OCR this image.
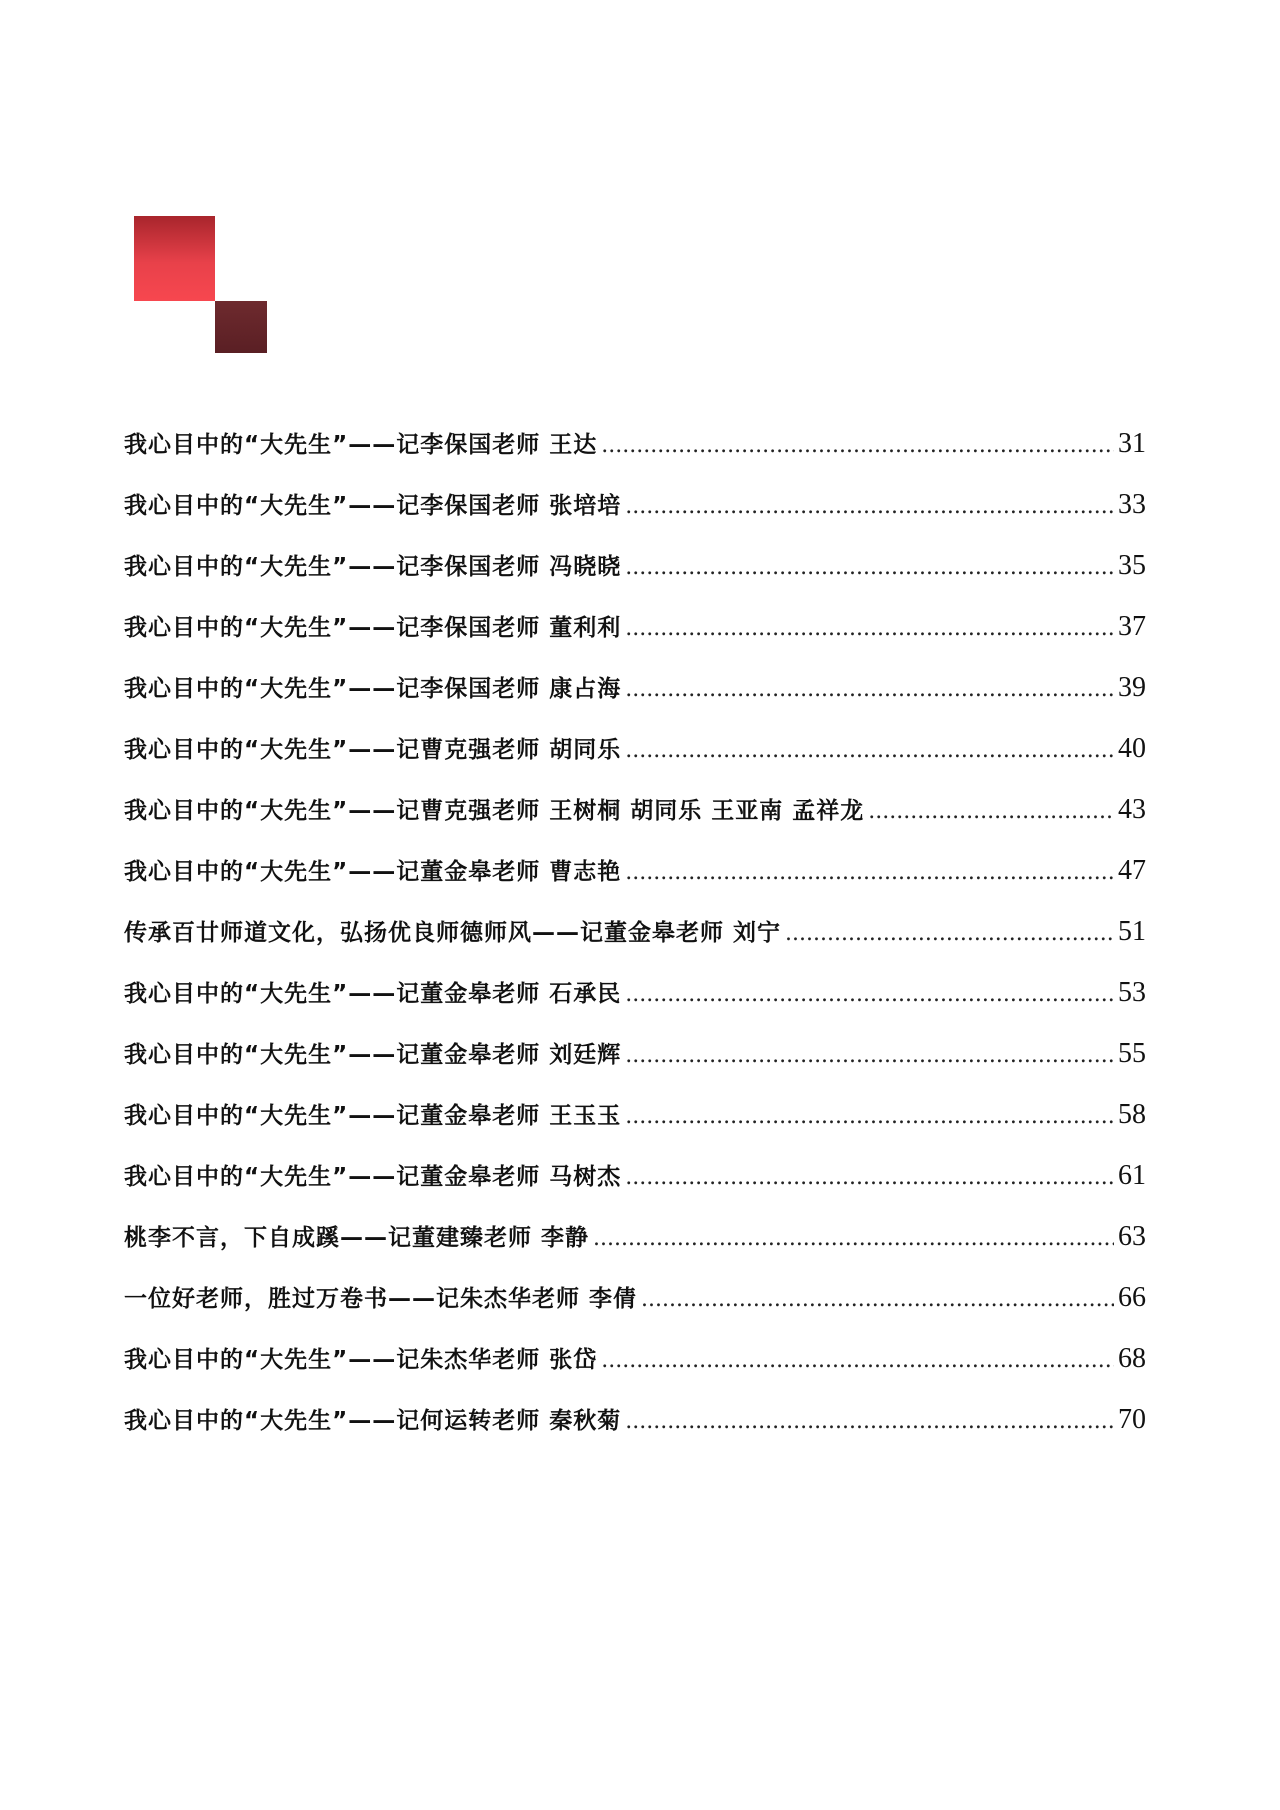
我心目中的“大先生”——记李保国老师 王达 .....	31
我心目中的“大先生”——记李保国老师 张培培 .....	33
我心目中的“大先生”——记李保国老师 冯晓晓 .....	35
我心目中的“大先生”——记李保国老师 董利利 .....	37
我心目中的“大先生”——记李保国老师 康占海 .....	39
我心目中的“大先生”——记曹克强老师 胡同乐 .....	40
我心目中的“大先生”——记曹克强老师 王树桐 胡同乐 王亚南 孟祥龙 .....	43
我心目中的“大先生”——记董金皋老师 曹志艳 .....	47
传承百廿师道文化，弘扬优良师德师风——记董金皋老师 刘宁 .....	51
我心目中的“大先生”——记董金皋老师 石承民 .....	53
我心目中的“大先生”——记董金皋老师 刘廷辉 .....	55
我心目中的“大先生”——记董金皋老师 王玉玉 .....	58
我心目中的“大先生”——记董金皋老师 马树杰 .....	61
桃李不言，下自成蹊——记董建臻老师 李静 .....	63
一位好老师，胜过万卷书——记朱杰华老师 李倩 .....	66
我心目中的“大先生”——记朱杰华老师 张岱 .....	68
我心目中的“大先生”——记何运转老师 秦秋菊 .....	70
